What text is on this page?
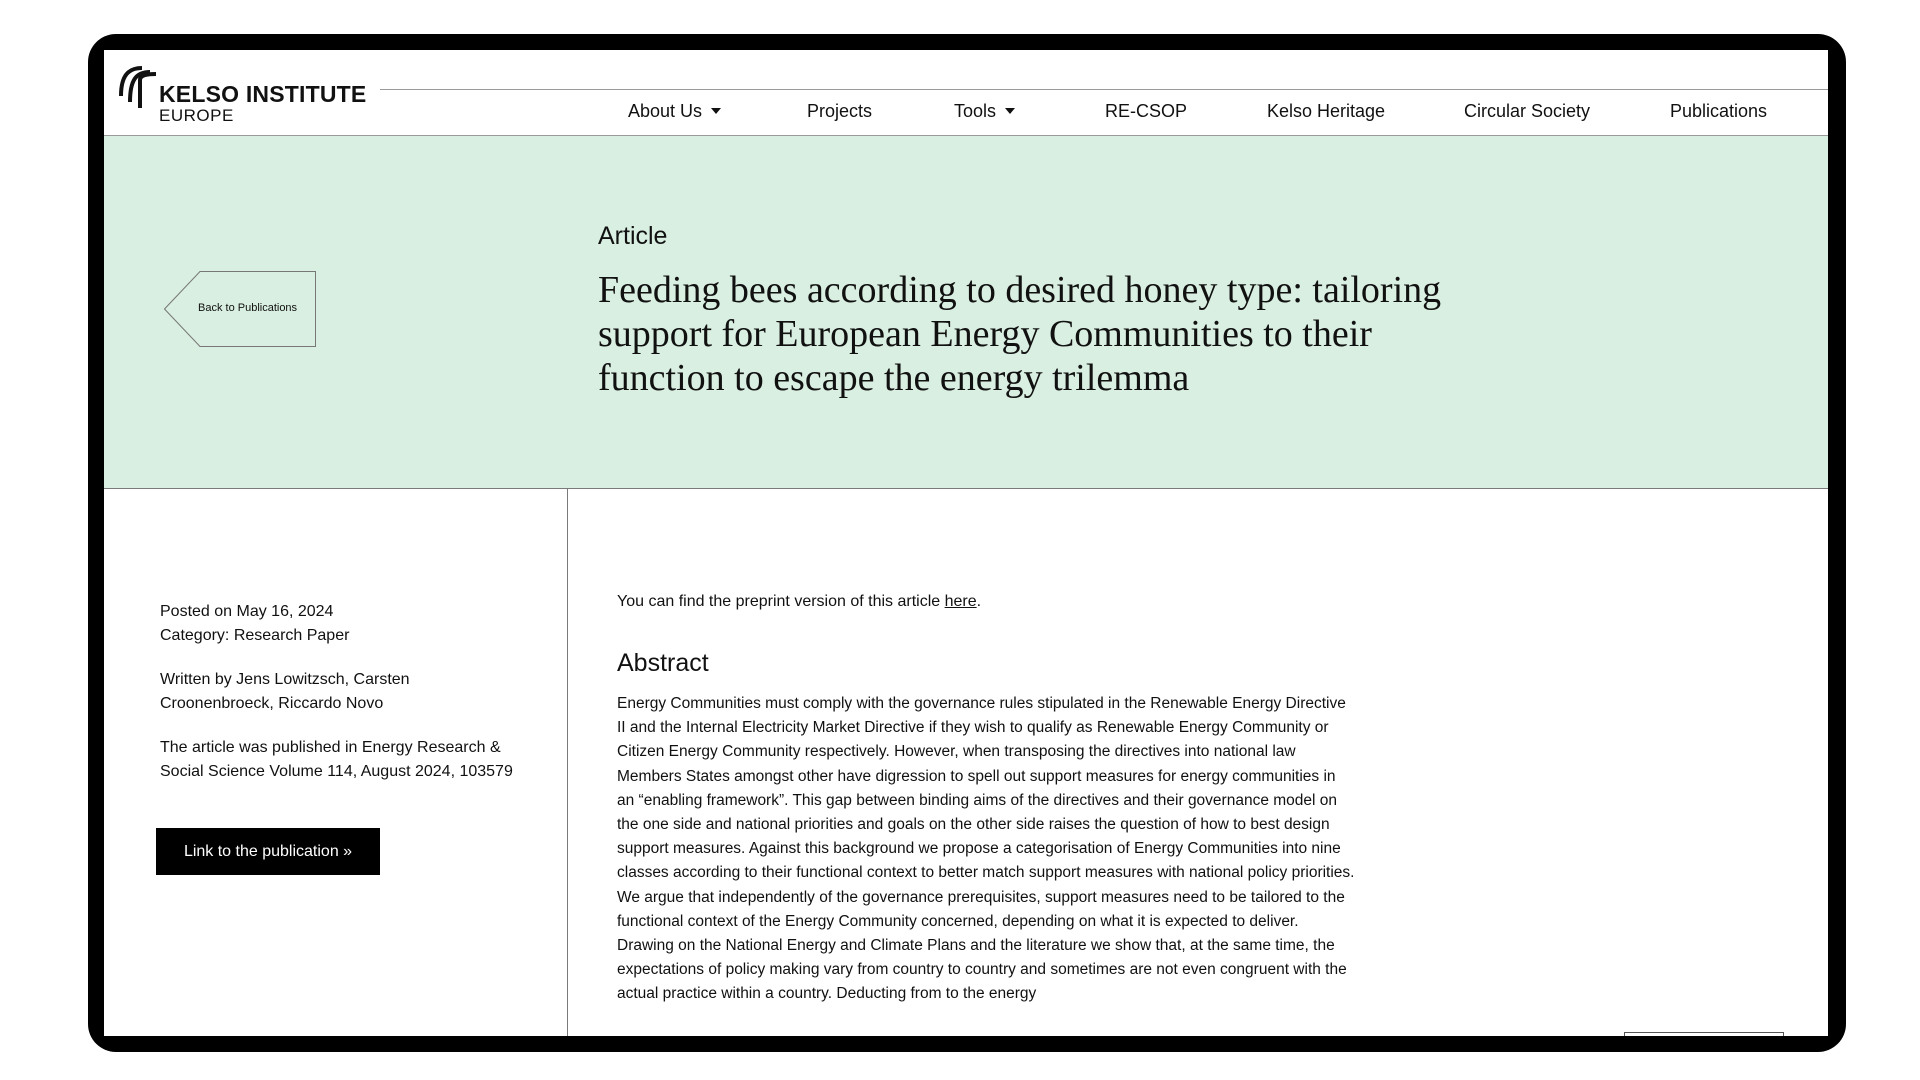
KELSO INSTITUTE
EUROPE	About Us	Projects	Tools	RE-CSOP	Kelso Heritage	Circular Society	Publications
Back to Publications
Article
Feeding bees according to desired honey type: tailoring support for European Energy Communities to their function to escape the energy trilemma

Posted on May 16, 2024

Category: Research Paper

Written by Jens Lowitzsch, Carsten Croonenbroeck, Riccardo Novo

The article was published in Energy Research & Social Science Volume 114, August 2024, 103579

Link to the publication »

You can find the preprint version of this article here.

Abstract

Energy Communities must comply with the governance rules stipulated in the Renewable Energy Directive II and the Internal Electricity Market Directive if they wish to qualify as Renewable Energy Community or Citizen Energy Community respectively. However, when transposing the directives into national law Members States amongst other have digression to spell out support measures for energy communities in an “enabling framework”. This gap between binding aims of the directives and their governance model on the one side and national priorities and goals on the other side raises the question of how to best design support measures. Against this background we propose a categorisation of Energy Communities into nine classes according to their functional context to better match support measures with national policy priorities. We argue that independently of the governance prerequisites, support measures need to be tailored to the functional context of the Energy Community concerned, depending on what it is expected to deliver. Drawing on the National Energy and Climate Plans and the literature we show that, at the same time, the expectations of policy making vary from country to country and sometimes are not even congruent with the actual practice within a country. Deducting from to the energy
